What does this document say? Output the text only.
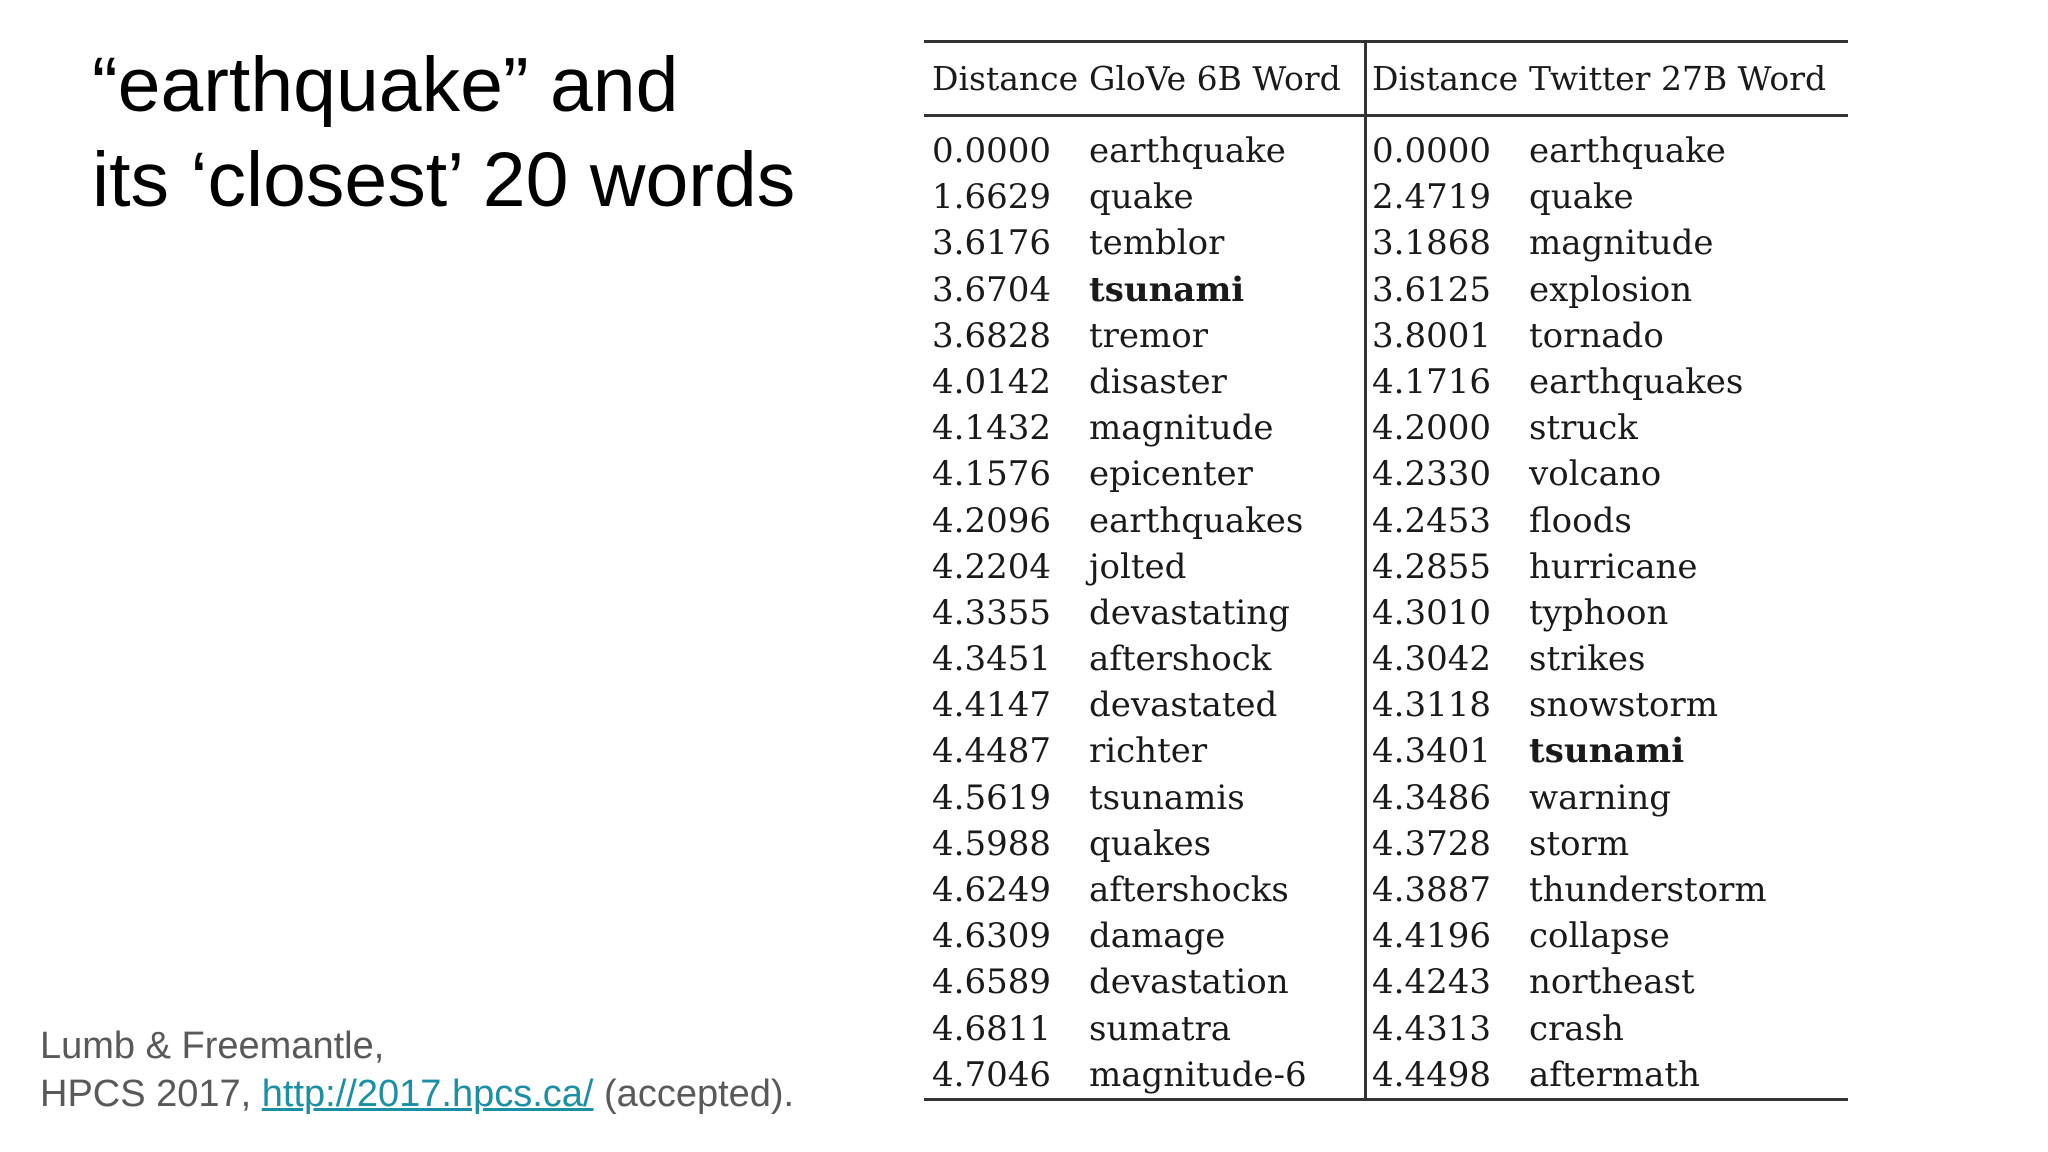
“earthquake” and
its ‘closest’ 20 words
Distance GloVe 6B Word Distance Twitter 27B Word
0.0000 earthquake	0.0000 earthquake
1.6629 quake	2.4719 quake
3.6176 temblor	3.1868 magnitude
3.6704 tsunami	3.6125 explosion
3.6828 tremor	3.8001 tornado
4.0142 disaster	4.1716 earthquakes
4.1432 magnitude	4.2000 struck
4.1576 epicenter	4.2330 volcano
4.2096 earthquakes 4.2453 floods
4.2204 jolted	4.2855 hurricane
4.3355 devastating 4.3010 typhoon
4.3451 aftershock	4.3042 strikes
4.4147 devastated	4.3118 snowstorm
4.4487 richter	4.3401 tsunami
4.5619 tsunamis	4.3486 warning
4.5988 quakes	4.3728 storm
4.6249 aftershocks 4.3887 thunderstorm
4.6309 damage	4.4196 collapse
4.6589 devastation 4.4243 northeast
4.6811 sumatra	4.4313 crash
4.7046 magnitude-6 4.4498 aftermath
Lumb & Freemantle,
HPCS 2017, http://2017.hpcs.ca/ (accepted).
